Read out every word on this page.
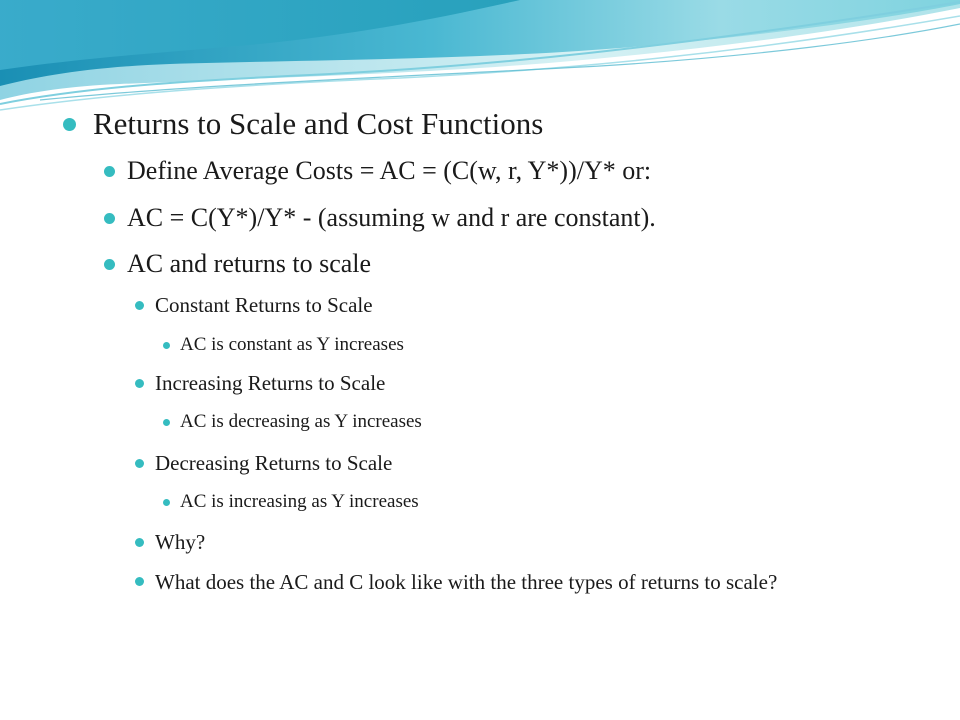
Returns to Scale and Cost Functions
Define Average Costs = AC = (C(w, r, Y*))/Y* or:
AC = C(Y*)/Y* - (assuming w and r are constant).
AC and returns to scale
Constant Returns to Scale
AC is constant as Y increases
Increasing Returns to Scale
AC is decreasing as Y increases
Decreasing Returns to Scale
AC is increasing as Y increases
Why?
What does the AC and C look like with the three types of returns to scale?
